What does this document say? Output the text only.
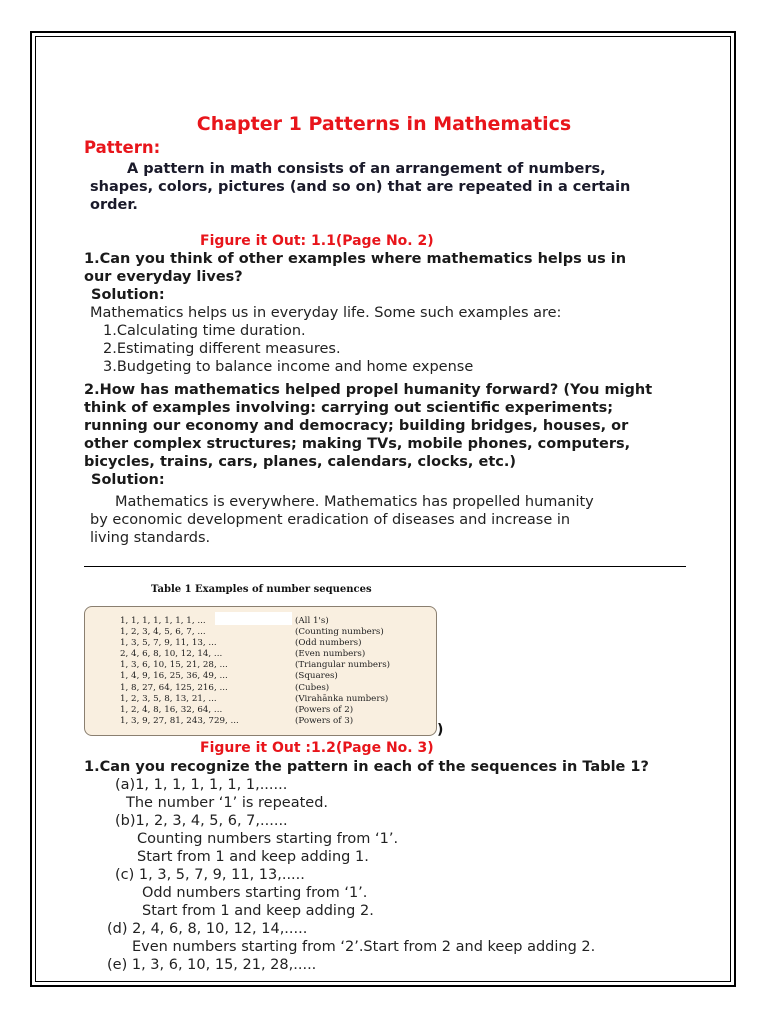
Chapter 1 Patterns in Mathematics
Pattern:
A pattern in math consists of an arrangement of numbers,
shapes, colors, pictures (and so on) that are repeated in a certain
order.
Figure it Out: 1.1(Page No. 2)
1.Can you think of other examples where mathematics helps us in
our everyday lives?
Solution:
Mathematics helps us in everyday life. Some such examples are:
1.Calculating time duration.
2.Estimating different measures.
3.Budgeting to balance income and home expense
2.How has mathematics helped propel humanity forward? (You might
think of examples involving: carrying out scientific experiments;
running our economy and democracy; building bridges, houses, or
other complex structures; making TVs, mobile phones, computers,
bicycles, trains, cars, planes, calendars, clocks, etc.)
Solution:
Mathematics is everywhere. Mathematics has propelled humanity
by economic development eradication of diseases and increase in
living standards.
Table 1 Examples of number sequences
1, 1, 1, 1, 1, 1, 1, ...	(All 1's)
1, 2, 3, 4, 5, 6, 7, ...	(Counting numbers)
1, 3, 5, 7, 9, 11, 13, ...	(Odd numbers)
2, 4, 6, 8, 10, 12, 14, ...	(Even numbers)
1, 3, 6, 10, 15, 21, 28, ...	(Triangular numbers)
1, 4, 9, 16, 25, 36, 49, ...	(Squares)
1, 8, 27, 64, 125, 216, ...	(Cubes)
1, 2, 3, 5, 8, 13, 21, ...	(Virahānka numbers)
1, 2, 4, 8, 16, 32, 64, ...	(Powers of 2)
1, 3, 9, 27, 81, 243, 729, ...	(Powers of 3)
)
Figure it Out :1.2(Page No. 3)
1.Can you recognize the pattern in each of the sequences in Table 1?
(a)1, 1, 1, 1, 1, 1, 1,......
The number ‘1’ is repeated.
(b)1, 2, 3, 4, 5, 6, 7,......
Counting numbers starting from ‘1’.
Start from 1 and keep adding 1.
(c) 1, 3, 5, 7, 9, 11, 13,.....
Odd numbers starting from ‘1’.
Start from 1 and keep adding 2.
(d) 2, 4, 6, 8, 10, 12, 14,.....
Even numbers starting from ‘2’.Start from 2 and keep adding 2.
(e) 1, 3, 6, 10, 15, 21, 28,.....
